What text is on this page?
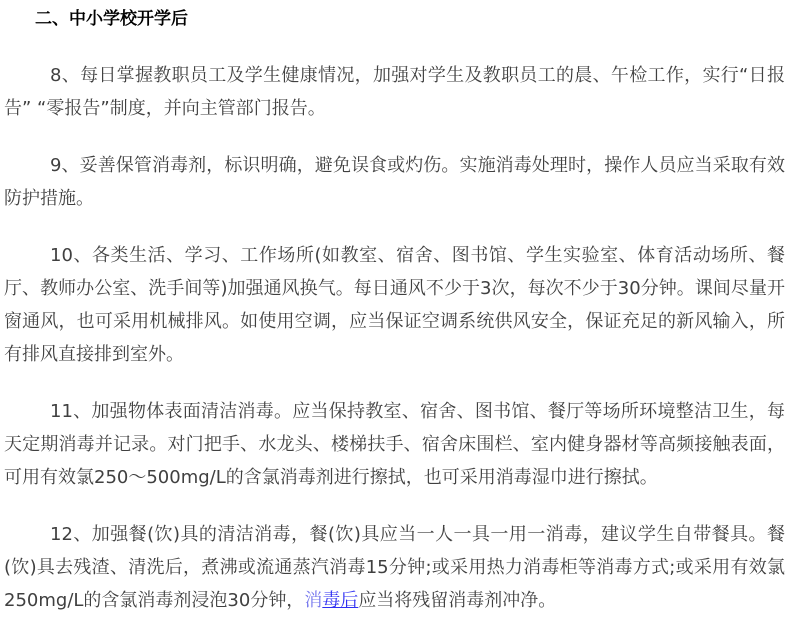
二、中小学校开学后

8、每日掌握教职员工及学生健康情况，加强对学生及教职员工的晨、午检工作，实行“日报告” “零报告”制度，并向主管部门报告。

9、妥善保管消毒剂，标识明确，避免误食或灼伤。实施消毒处理时，操作人员应当采取有效防护措施。

10、各类生活、学习、工作场所(如教室、宿舍、图书馆、学生实验室、体育活动场所、餐厅、教师办公室、洗手间等)加强通风换气。每日通风不少于3次，每次不少于30分钟。课间尽量开窗通风，也可采用机械排风。如使用空调，应当保证空调系统供风安全，保证充足的新风输入，所有排风直接排到室外。

11、加强物体表面清洁消毒。应当保持教室、宿舍、图书馆、餐厅等场所环境整洁卫生，每天定期消毒并记录。对门把手、水龙头、楼梯扶手、宿舍床围栏、室内健身器材等高频接触表面，可用有效氯250～500mg/L的含氯消毒剂进行擦拭，也可采用消毒湿巾进行擦拭。

12、加强餐(饮)具的清洁消毒，餐(饮)具应当一人一具一用一消毒，建议学生自带餐具。餐(饮)具去残渣、清洗后，煮沸或流通蒸汽消毒15分钟;或采用热力消毒柜等消毒方式;或采用有效氯250mg/L的含氯消毒剂浸泡30分钟，消毒后应当将残留消毒剂冲净。
